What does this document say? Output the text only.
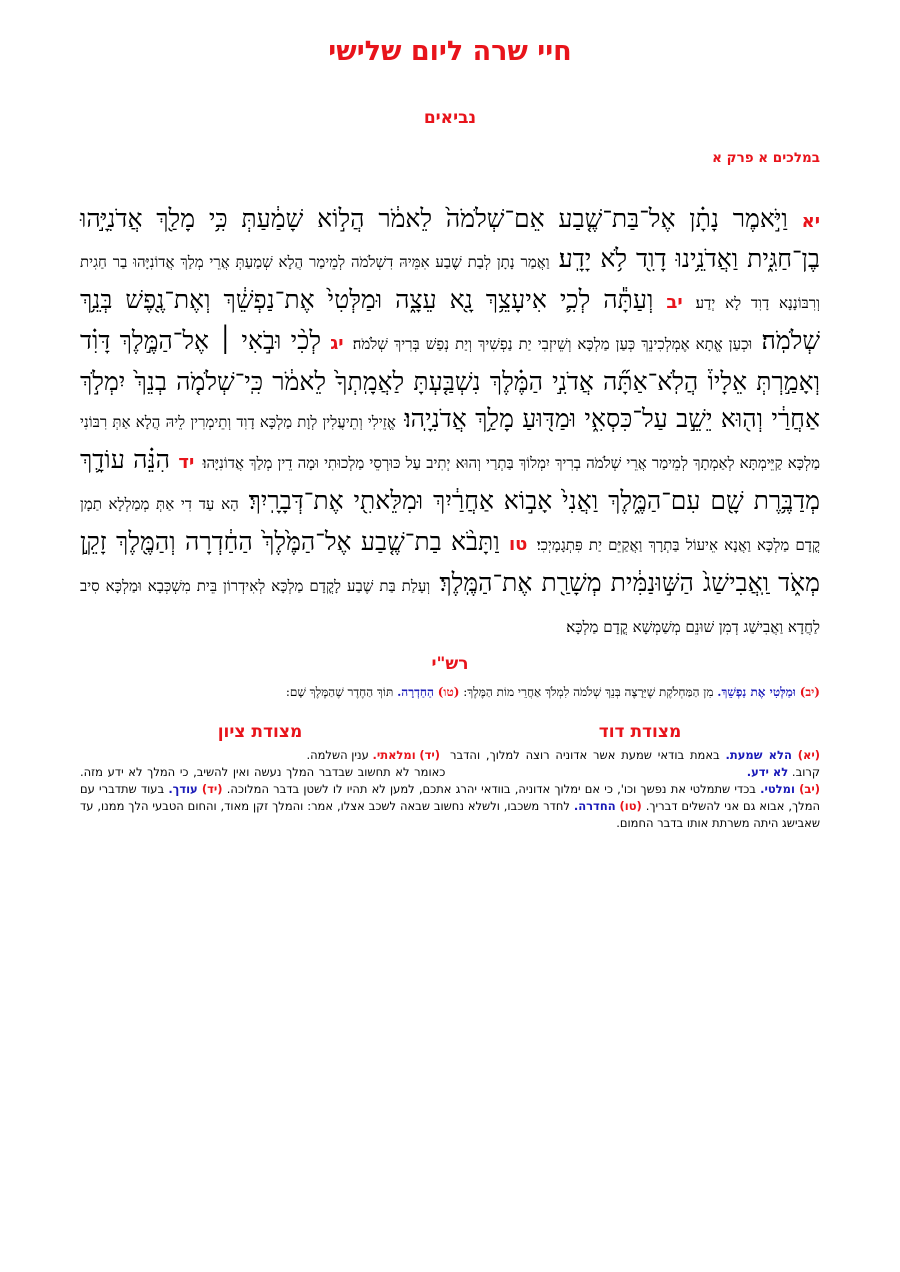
חיי שרה ליום שלישי
נביאים
במלכים א פרק א
יא וַיֹּ֣אמֶר נָתָ֗ן אֶל־בַּת־שֶׁ֤בַע אֵם־שְׁלֹמֹה֙ לֵאמֹ֔ר הֲל֣וֹא שָׁמַ֔עַתְּ כִּ֥י מָלַ֖ךְ אֲדֹנִיָּ֣הוּ בֶן־חַגִּ֑ית וַאֲדֹנֵ֥ינוּ דָוִ֖ד לֹ֥א יָדָֽע׃ וַאֲמַר נָתָן לְבַת שֶׁבַע אִמֵּיהּ דִשְׁלֹמֹה לְמֵימַר הֲלָא שְׁמַעַתְּ אֲרֵי מְלַךְ אֲדוֹנִיָּהוּ בַר חַגִית וְרִבּוֹנָנָא דָוִד לָא יְדַע׃ יב וְעַתָּ֕ה לְכִ֛י אִיעָצֵ֥ךְ נָ֖א עֵצָ֑ה וּמַלְּטִי֙ אֶת־נַפְשֵׁ֔ךְ וְאֶת־נֶ֖פֶשׁ בְּנֵ֥ךְ שְׁלֹמֹֽה׃ וּכְעַן אֱתָא אֶמְלְכִינֵךְ כְּעַן מַלְכָּא וְשֵׁיזְבִי יַת נַפְשִׁיךְ וְיַת נְפַשׁ בְּרִיךְ שְׁלֹמֹה׃ יג לְכִ֨י וּבֹ֣אִי ׀ אֶל־הַמֶּ֣לֶךְ דָּוִ֗ד וְאָמַ֣רְתְּ אֵלָיו֒ הֲלֹֽא־אַתָּ֞ה אֲדֹנִ֣י הַמֶּ֗לֶךְ נִשְׁבַּ֤עְתָּ לַאֲמָֽתְךָ֙ לֵאמֹ֔ר כִּֽי־שְׁלֹמֹ֤ה בְנֵךְ֙ יִמְלֹ֣ךְ אַחֲרַ֔י וְה֖וּא יֵשֵׁ֣ב עַל־כִּסְאִ֑י וּמַדּ֖וּעַ מָלַ֥ךְ אֲדֹנִיָֽהוּ׃ אֱזֵילִי וְתֵיעֲלִין לְוָת מַלְכָּא דָוִד וְתֵימְרִין לֵיהּ הֲלָא אַתְּ רִבּוֹנִי מַלְכָּא קַיֵּימְתָּא לְאַמְתָךְ לְמֵימַר אֲרֵי שְׁלֹמֹה בְרִיךְ יִמְלוֹךְ בַּתְרַי וְהוּא יְתִיב עַל כּוּרְסֵי מַלְכוּתִי וּמָה דֵין מְלַךְ אֲדוֹנִיָּהוּ׃ יד הִנֵּ֗ה עוֹדָ֛ךְ מְדַבֶּ֥רֶת שָׁ֖ם עִם־הַמֶּ֑לֶךְ וַאֲנִי֙ אָב֣וֹא אַחֲרַ֔יִךְ וּמִלֵּאתִ֖י אֶת־דְּבָרָֽיִךְ׃ הָא עַד דִי אַתְּ מְמַלְלָא תַמָן קֳדָם מַלְכָּא וַאֲנָא אֵיעוֹל בַּתְרָךְ וַאֲקַיֵּם יַת פִּתְגָמָיְכִי׃ טו וַתָּבֹ֨א בַת־שֶׁ֤בַע אֶל־הַמֶּ֙לֶךְ֙ הַחַ֔דְרָה וְהַמֶּ֖לֶךְ זָקֵ֣ן מְאֹ֑ד וַֽאֲבִישַׁג֙ הַשּׁ֣וּנַמִּ֔ית מְשָׁרַ֖ת אֶת־הַמֶּֽלֶךְ׃ וְעָלַת בַּת שֶׁבַע לָקֳדָם מַלְכָּא לְאִידְרוֹן בֵּית מִשְׁכְּבָא וּמַלְכָּא סִיב לַחֲדָא וַאֲבִישַׁג דְמִן שׁוּנֵם מְשַׁמְשָׁא קֳדָם מַלְכָּא׃
רש"י
(יב) וּמַלְּטִי אֶת נַפְשֵׁךְ. מִן הַמַּחְלֹקֶת שֶׁיֵּרָצֶה בְּנֵךְ שְׁלֹמֹה לִמְלֹךְ אַחֲרֵי מוֹת הַמֶּלֶךְ: (טו) הַחַדְרָה. תּוֹךְ הַחֶדֶר שֶׁהַמֶּלֶךְ שָׁם:
מצודת דוד
מצודת ציון
(יד) ומלאתי. ענין השלמה.	(יא) הלא שמעת. באמת בודאי שמעת אשר אדוניה רוצה למלוך, והדבר קרוב. לא ידע. כאומר לא תחשוב שבדבר המלך נעשה ואין להשיב, כי המלך לא ידע מזה. (יב) ומלטי. בכדי שתמלטי את נפשך וכו', כי אם ימלוך אדוניה, בוודאי יהרג אתכם, למען לא תהיו לו לשטן בדבר המלוכה. (יד) עודך. בעוד שתדברי עם המלך, אבוא גם אני להשלים דבריך. (טו) החדרה. לחדר משכבו, ולשלא נחשוב שבאה לשכב אצלו, אמר: והמלך זקן מאוד, והחום הטבעי הלך ממנו, עד שאבישג היתה משרתת אותו בדבר החמום.
